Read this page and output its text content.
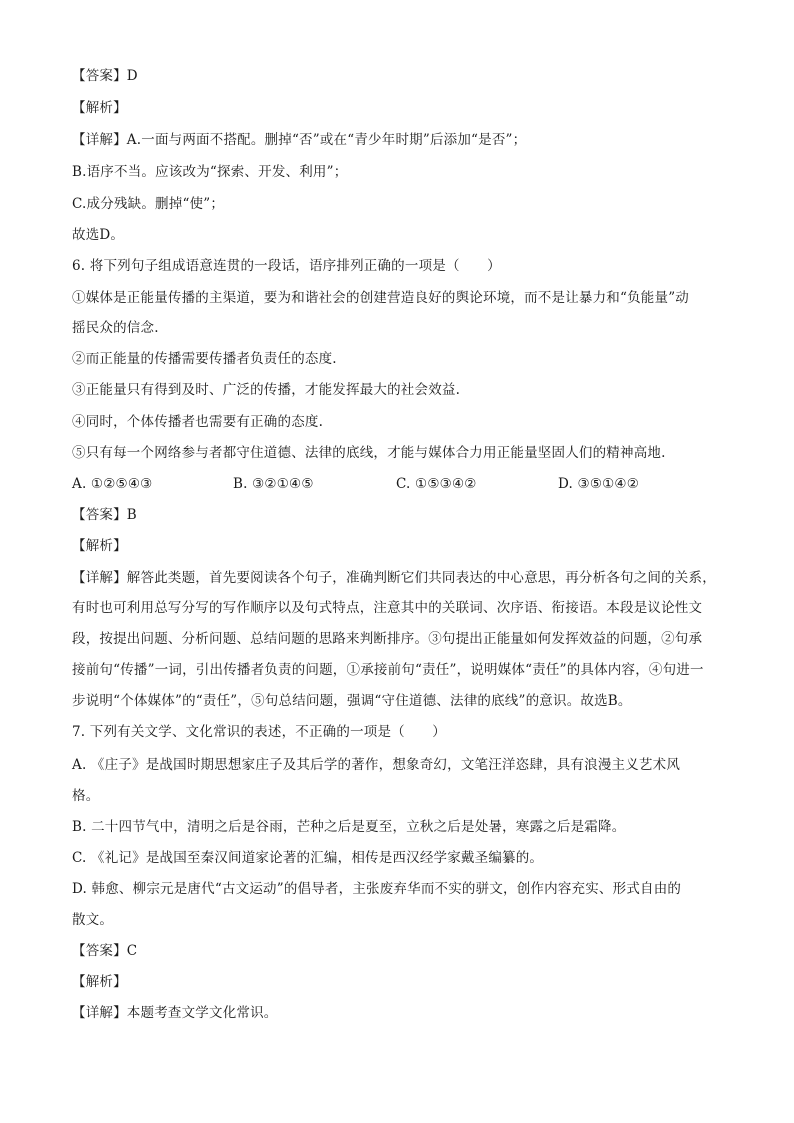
【答案】D
【解析】
【详解】A.一面与两面不搭配。删掉“否”或在“青少年时期”后添加“是否”；
B.语序不当。应该改为“探索、开发、利用”；
C.成分残缺。删掉“使”；
故选D。
6. 将下列句子组成语意连贯的一段话，语序排列正确的一项是（　　）
①媒体是正能量传播的主渠道，要为和谐社会的创建营造良好的舆论环境，而不是让暴力和“负能量”动
摇民众的信念.
②而正能量的传播需要传播者负责任的态度.
③正能量只有得到及时、广泛的传播，才能发挥最大的社会效益.
④同时，个体传播者也需要有正确的态度.
⑤只有每一个网络参与者都守住道德、法律的底线，才能与媒体合力用正能量坚固人们的精神高地.
A. ①②⑤④③	B. ③②①④⑤	C. ①⑤③④②	D. ③⑤①④②
【答案】B
【解析】
【详解】解答此类题，首先要阅读各个句子，准确判断它们共同表达的中心意思，再分析各句之间的关系，
有时也可利用总写分写的写作顺序以及句式特点，注意其中的关联词、次序语、衔接语。本段是议论性文
段，按提出问题、分析问题、总结问题的思路来判断排序。③句提出正能量如何发挥效益的问题，②句承
接前句“传播”一词，引出传播者负责的问题，①承接前句“责任”，说明媒体“责任”的具体内容，④句进一
步说明“个体媒体”的“责任”，⑤句总结问题，强调“守住道德、法律的底线”的意识。故选B。
7. 下列有关文学、文化常识的表述，不正确的一项是（　　）
A. 《庄子》是战国时期思想家庄子及其后学的著作，想象奇幻，文笔汪洋恣肆，具有浪漫主义艺术风
格。
B. 二十四节气中，清明之后是谷雨，芒种之后是夏至，立秋之后是处暑，寒露之后是霜降。
C. 《礼记》是战国至秦汉间道家论著的汇编，相传是西汉经学家戴圣编纂的。
D. 韩愈、柳宗元是唐代“古文运动”的倡导者，主张废弃华而不实的骈文，创作内容充实、形式自由的
散文。
【答案】C
【解析】
【详解】本题考查文学文化常识。
